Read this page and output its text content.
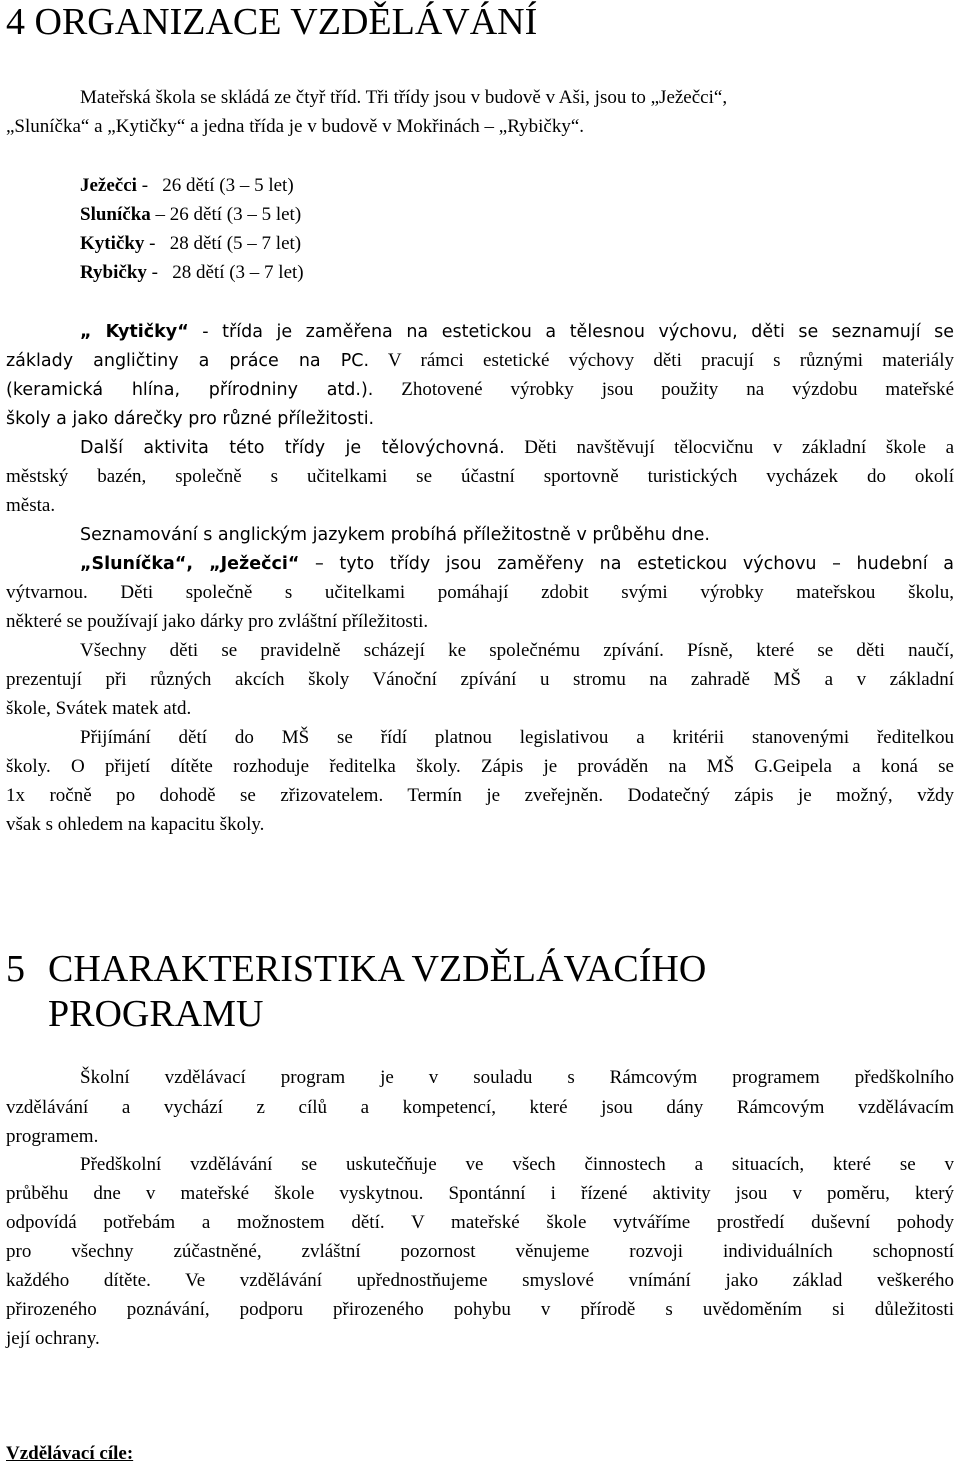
4 ORGANIZACE VZDĚLÁVÁNÍ
Mateřská škola se skládá ze čtyř tříd. Tři třídy jsou v budově v Aši, jsou to „Ježečci“,
„Sluníčka“ a „Kytičky“ a jedna třída je v budově v Mokřinách – „Rybičky“.
Ježečci -   26 dětí (3 – 5 let)
Sluníčka – 26 dětí (3 – 5 let)
Kytičky -   28 dětí (5 – 7 let)
Rybičky -   28 dětí (3 – 7 let)
„ Kytičky“ - třída je zaměřena na estetickou a tělesnou výchovu, děti se seznamují se
základy angličtiny a práce na PC. V rámci estetické výchovy děti pracují s různými materiály
(keramická hlína, přírodniny atd.). Zhotovené výrobky jsou použity na výzdobu mateřské
školy a jako dárečky pro různé příležitosti.
Další aktivita této třídy je tělovýchovná. Děti navštěvují tělocvičnu v základní škole a
městský bazén, společně s učitelkami se účastní sportovně turistických vycházek do okolí
města.
Seznamování s anglickým jazykem probíhá příležitostně v průběhu dne.
„Sluníčka“, „Ježečci“ – tyto třídy jsou zaměřeny na estetickou výchovu – hudební a
výtvarnou. Děti společně s učitelkami pomáhají zdobit svými výrobky mateřskou školu,
některé se používají jako dárky pro zvláštní příležitosti.
Všechny děti se pravidelně scházejí ke společnému zpívání. Písně, které se děti naučí,
prezentují při různých akcích školy Vánoční zpívání u stromu na zahradě MŠ a v základní
škole, Svátek matek atd.
Přijímání dětí do MŠ se řídí platnou legislativou a kritérii stanovenými ředitelkou
školy. O přijetí dítěte rozhoduje ředitelka školy. Zápis je prováděn na MŠ G.Geipela a koná se
1x ročně po dohodě se zřizovatelem. Termín je zveřejněn. Dodatečný zápis je možný, vždy
však s ohledem na kapacitu školy.
5 CHARAKTERISTIKA VZDĚLÁVACÍHO
PROGRAMU
Školní vzdělávací program je v souladu s Rámcovým programem předškolního
vzdělávání a vychází z cílů a kompetencí, které jsou dány Rámcovým vzdělávacím
programem.
Předškolní vzdělávání se uskutečňuje ve všech činnostech a situacích, které se v
průběhu dne v mateřské škole vyskytnou. Spontánní i řízené aktivity jsou v poměru, který
odpovídá potřebám a možnostem dětí. V mateřské škole vytváříme prostředí duševní pohody
pro všechny zúčastněné, zvláštní pozornost věnujeme rozvoji individuálních schopností
každého dítěte. Ve vzdělávání upřednostňujeme smyslové vnímání jako základ veškerého
přirozeného poznávání, podporu přirozeného pohybu v přírodě s uvědoměním si důležitosti
její ochrany.
Vzdělávací cíle:
